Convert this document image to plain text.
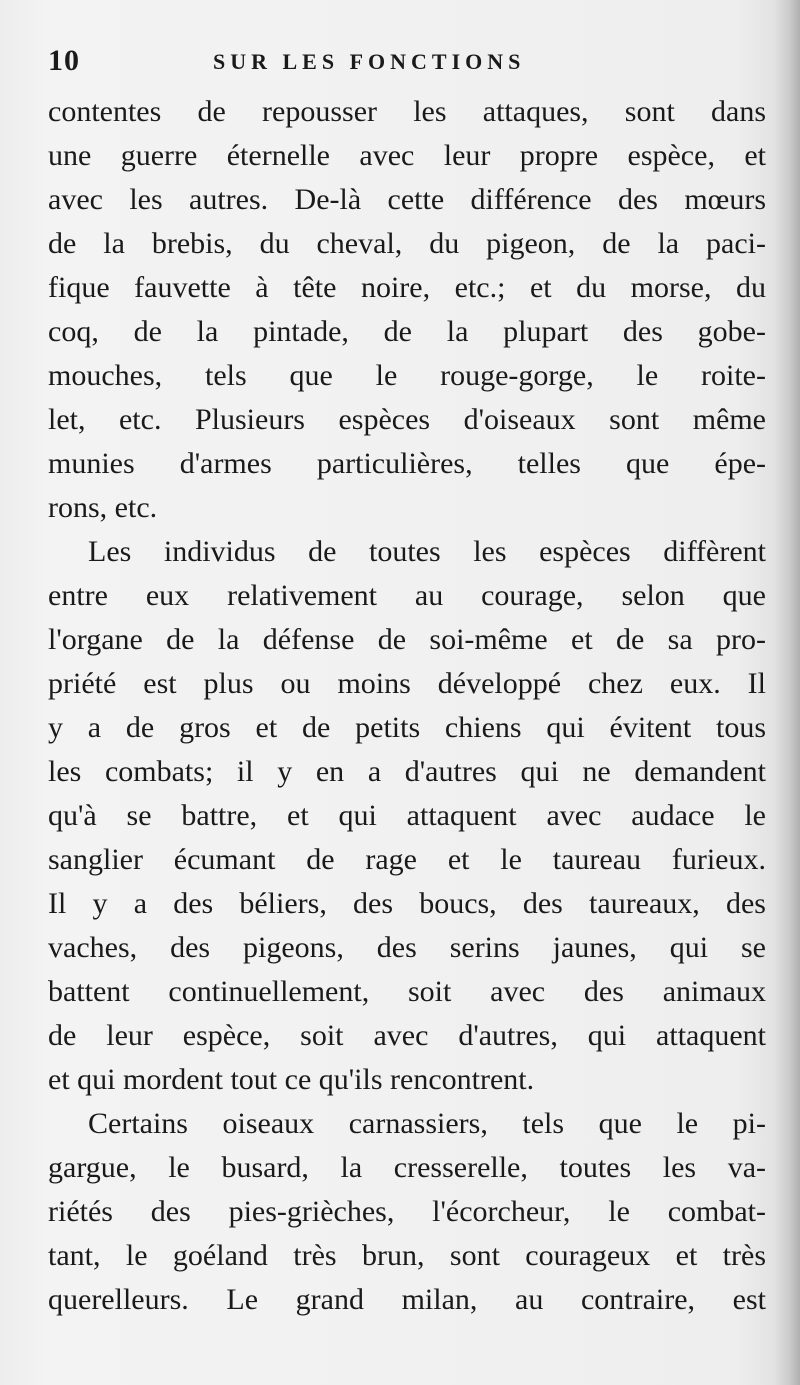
10	SUR LES FONCTIONS
contentes de repousser les attaques, sont dans
une guerre éternelle avec leur propre espèce, et
avec les autres. De-là cette différence des mœurs
de la brebis, du cheval, du pigeon, de la paci-
fique fauvette à tête noire, etc.; et du morse, du
coq, de la pintade, de la plupart des gobe-
mouches, tels que le rouge-gorge, le roite-
let, etc. Plusieurs espèces d'oiseaux sont même
munies d'armes particulières, telles que épe-
rons, etc.
Les individus de toutes les espèces diffèrent
entre eux relativement au courage, selon que
l'organe de la défense de soi-même et de sa pro-
priété est plus ou moins développé chez eux. Il
y a de gros et de petits chiens qui évitent tous
les combats; il y en a d'autres qui ne demandent
qu'à se battre, et qui attaquent avec audace le
sanglier écumant de rage et le taureau furieux.
Il y a des béliers, des boucs, des taureaux, des
vaches, des pigeons, des serins jaunes, qui se
battent continuellement, soit avec des animaux
de leur espèce, soit avec d'autres, qui attaquent
et qui mordent tout ce qu'ils rencontrent.
Certains oiseaux carnassiers, tels que le pi-
gargue, le busard, la cresserelle, toutes les va-
riétés des pies-grièches, l'écorcheur, le combat-
tant, le goéland très brun, sont courageux et très
querelleurs. Le grand milan, au contraire, est
